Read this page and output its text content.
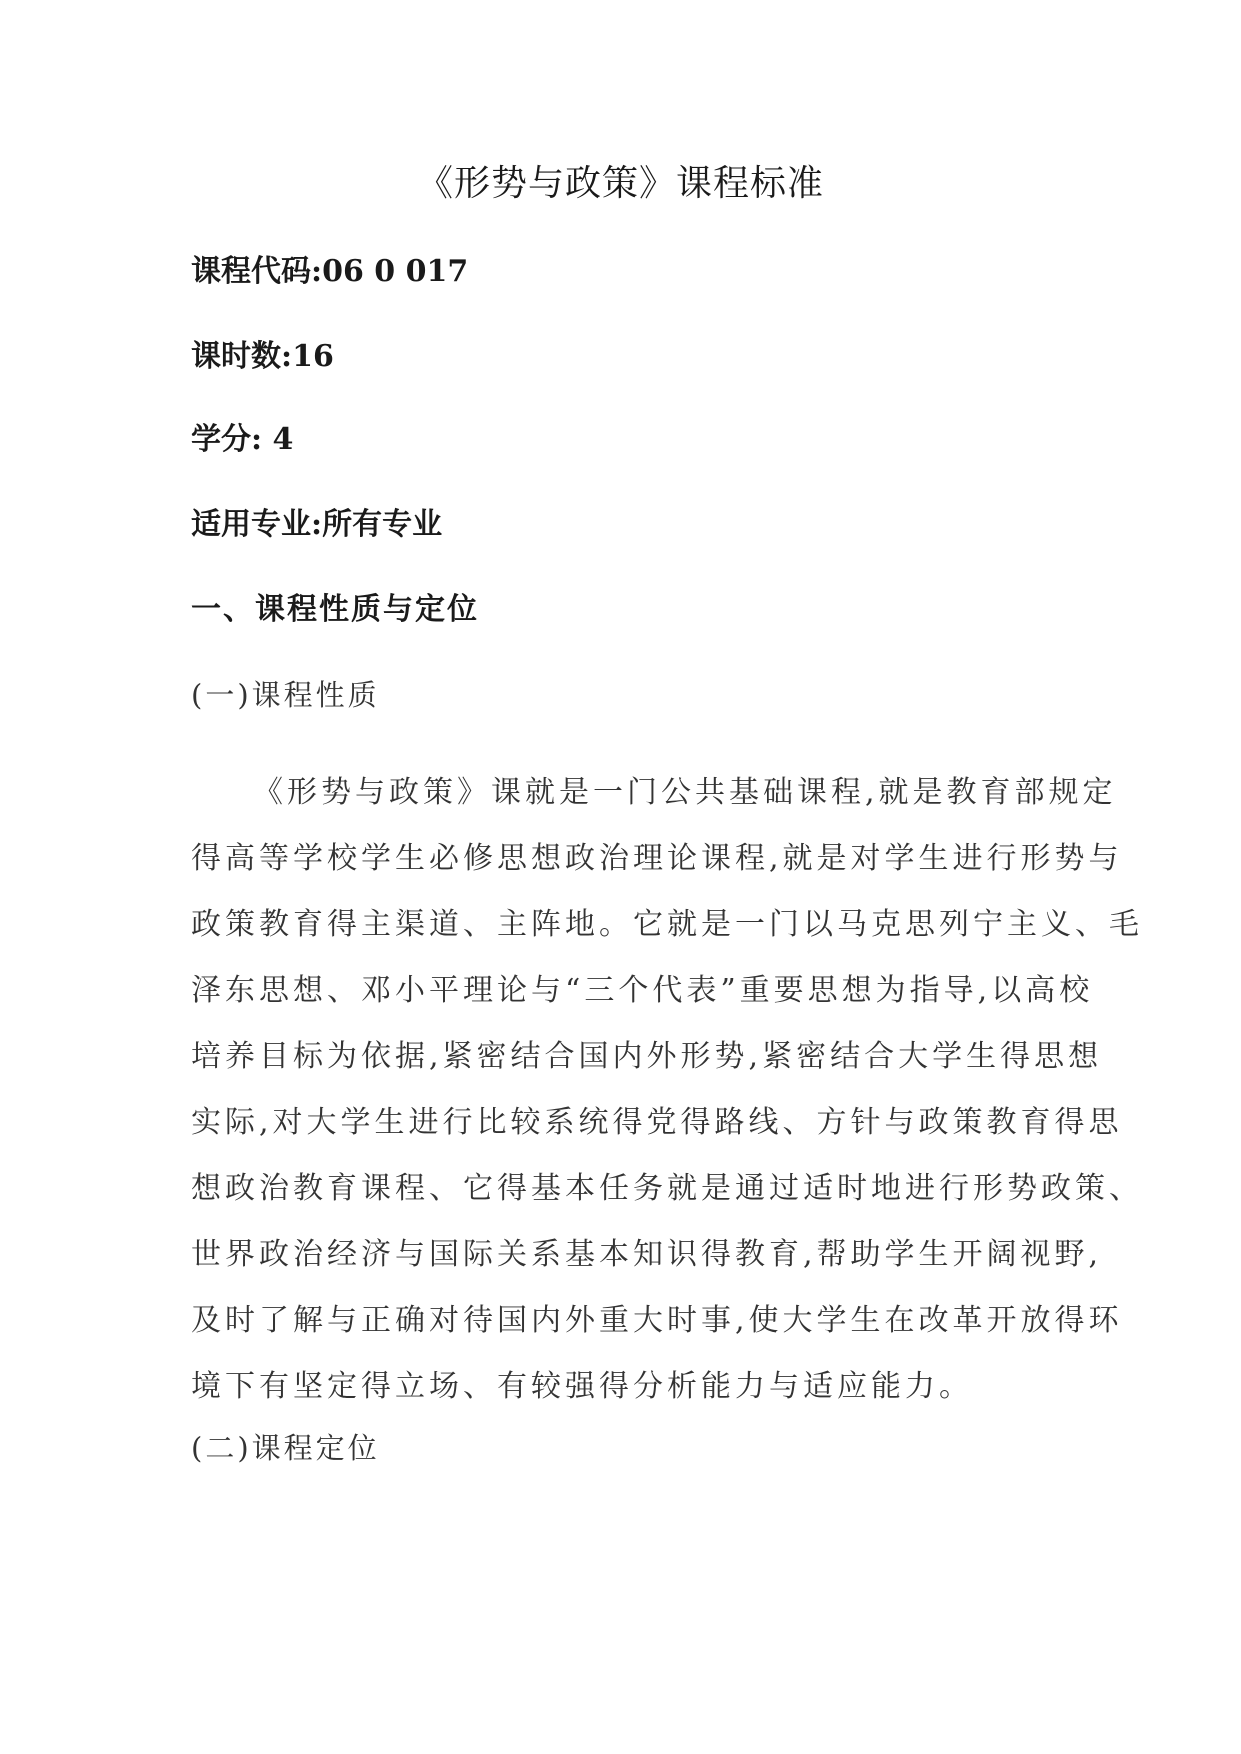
《形势与政策》课程标准
课程代码:06 0 017
课时数:16
学分: 4
适用专业:所有专业
一、课程性质与定位
(一)课程性质
《形势与政策》课就是一门公共基础课程,就是教育部规定
得高等学校学生必修思想政治理论课程,就是对学生进行形势与
政策教育得主渠道、主阵地。它就是一门以马克思列宁主义、毛
泽东思想、邓小平理论与“三个代表”重要思想为指导,以高校
培养目标为依据,紧密结合国内外形势,紧密结合大学生得思想
实际,对大学生进行比较系统得党得路线、方针与政策教育得思
想政治教育课程、它得基本任务就是通过适时地进行形势政策、
世界政治经济与国际关系基本知识得教育,帮助学生开阔视野,
及时了解与正确对待国内外重大时事,使大学生在改革开放得环
境下有坚定得立场、有较强得分析能力与适应能力。
(二)课程定位
